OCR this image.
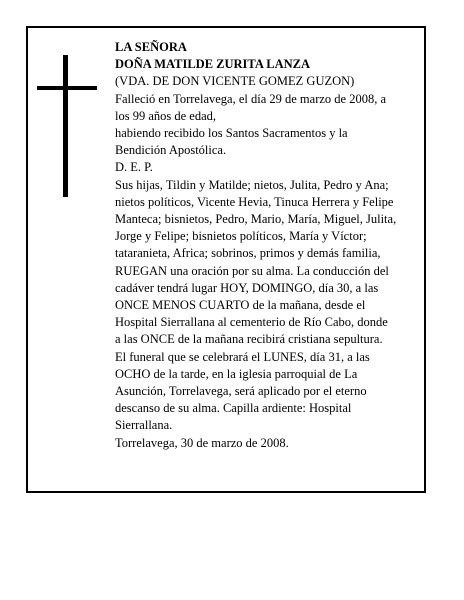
LA SEÑORA
DOÑA MATILDE ZURITA LANZA
(VDA. DE DON VICENTE GOMEZ GUZON)
Falleció en Torrelavega, el día 29 de marzo de 2008, a
los 99 años de edad,
habiendo recibido los Santos Sacramentos y la
Bendición Apostólica.
D. E. P.
Sus hijas, Tildin y Matilde; nietos, Julita, Pedro y Ana;
nietos políticos, Vicente Hevia, Tinuca Herrera y Felipe
Manteca; bisnietos, Pedro, Mario, María, Miguel, Julita,
Jorge y Felipe; bisnietos políticos, María y Víctor;
tataranieta, Africa; sobrinos, primos y demás familia,
RUEGAN una oración por su alma. La conducción del
cadáver tendrá lugar HOY, DOMINGO, día 30, a las
ONCE MENOS CUARTO de la mañana, desde el
Hospital Sierrallana al cementerio de Río Cabo, donde
a las ONCE de la mañana recibirá cristiana sepultura.
El funeral que se celebrará el LUNES, día 31, a las
OCHO de la tarde, en la iglesia parroquial de La
Asunción, Torrelavega, será aplicado por el eterno
descanso de su alma. Capilla ardiente: Hospital
Sierrallana.
Torrelavega, 30 de marzo de 2008.
